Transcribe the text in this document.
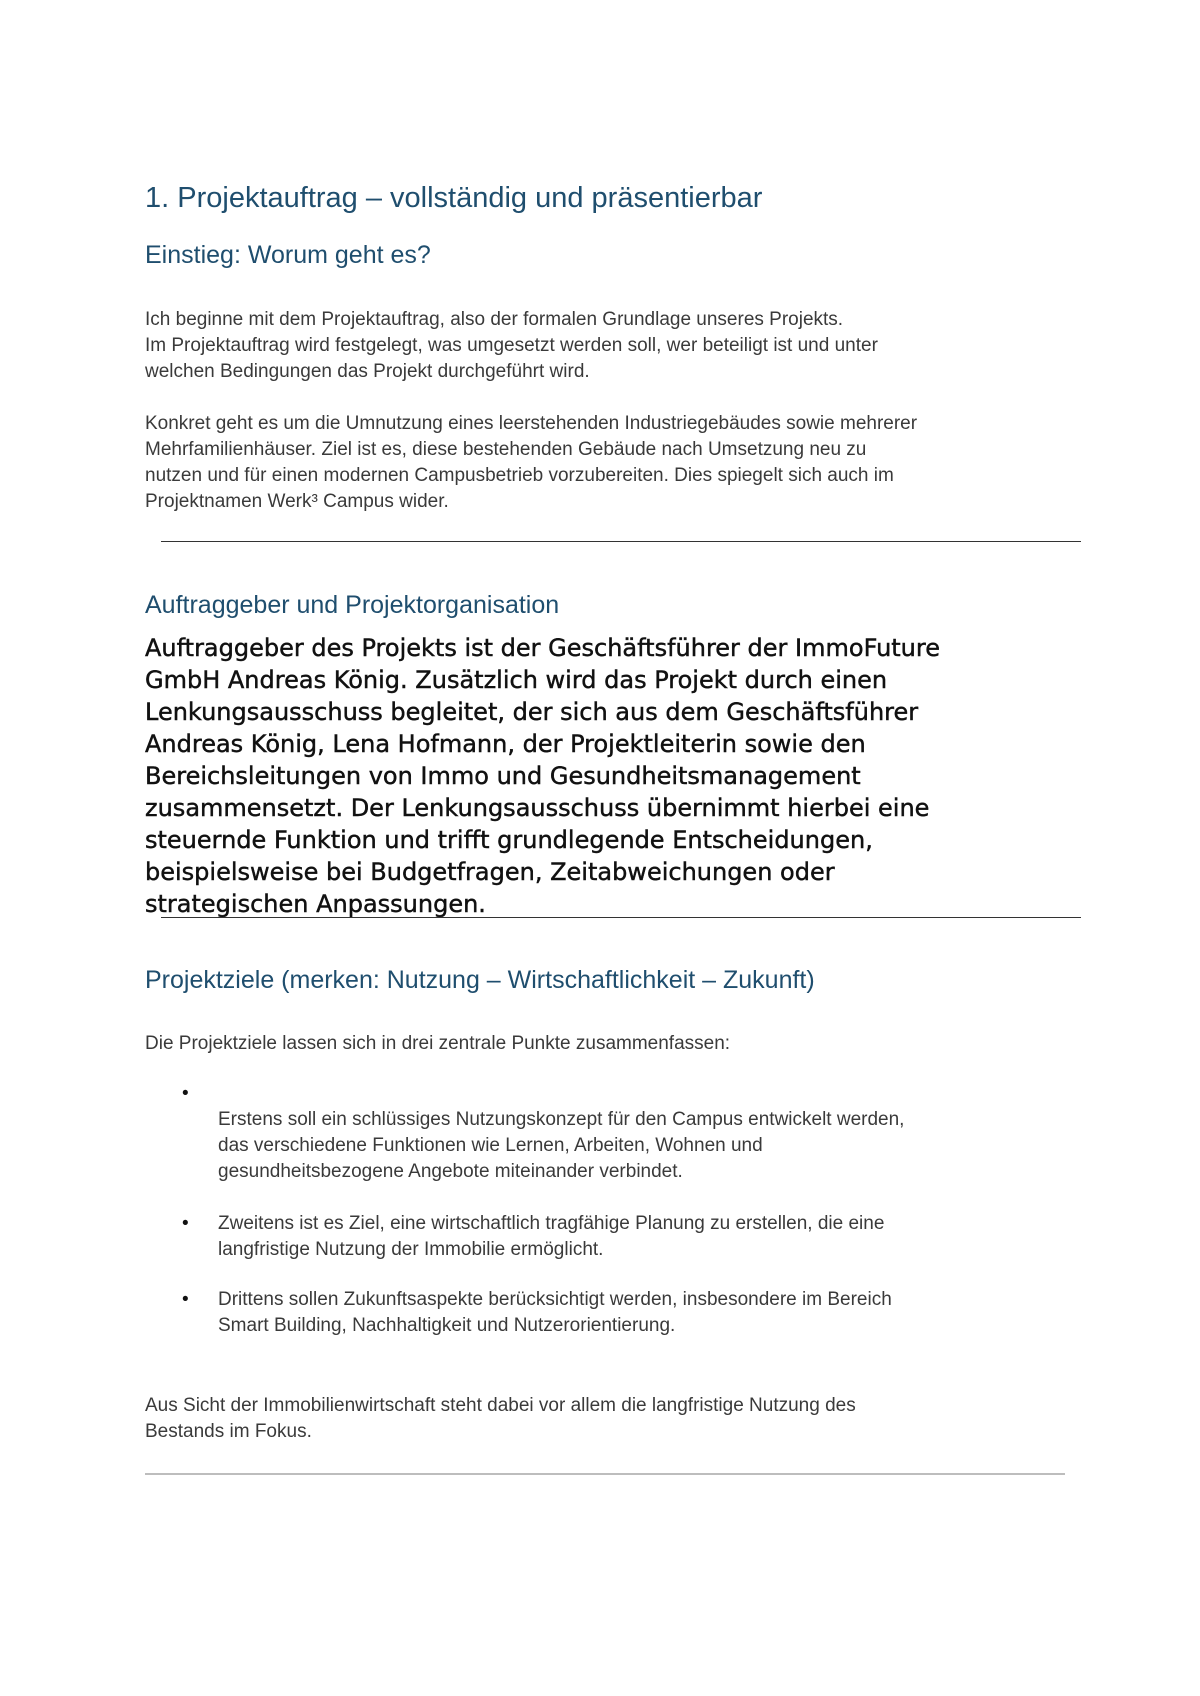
1. Projektauftrag – vollständig und präsentierbar
Einstieg: Worum geht es?

Ich beginne mit dem Projektauftrag, also der formalen Grundlage unseres Projekts.

Im Projektauftrag wird festgelegt, was umgesetzt werden soll, wer beteiligt ist und unter

welchen Bedingungen das Projekt durchgeführt wird.

Konkret geht es um die Umnutzung eines leerstehenden Industriegebäudes sowie mehrerer

Mehrfamilienhäuser. Ziel ist es, diese bestehenden Gebäude nach Umsetzung neu zu

nutzen und für einen modernen Campusbetrieb vorzubereiten. Dies spiegelt sich auch im

Projektnamen Werk³ Campus wider.

Auftraggeber und Projektorganisation
Auftraggeber des Projekts ist der Geschäftsführer der ImmoFuture
GmbH Andreas König. Zusätzlich wird das Projekt durch einen
Lenkungsausschuss begleitet, der sich aus dem Geschäftsführer
Andreas König, Lena Hofmann, der Projektleiterin sowie den
Bereichsleitungen von Immo und Gesundheitsmanagement
zusammensetzt. Der Lenkungsausschuss übernimmt hierbei eine
steuernde Funktion und trifft grundlegende Entscheidungen,
beispielsweise bei Budgetfragen, Zeitabweichungen oder
strategischen Anpassungen.
Projektziele (merken: Nutzung – Wirtschaftlichkeit – Zukunft)

Die Projektziele lassen sich in drei zentrale Punkte zusammenfassen:

•
Erstens soll ein schlüssiges Nutzungskonzept für den Campus entwickelt werden,
das verschiedene Funktionen wie Lernen, Arbeiten, Wohnen und
gesundheitsbezogene Angebote miteinander verbindet.
• Zweitens ist es Ziel, eine wirtschaftlich tragfähige Planung zu erstellen, die eine
langfristige Nutzung der Immobilie ermöglicht.
• Drittens sollen Zukunftsaspekte berücksichtigt werden, insbesondere im Bereich
Smart Building, Nachhaltigkeit und Nutzerorientierung.

Aus Sicht der Immobilienwirtschaft steht dabei vor allem die langfristige Nutzung des

Bestands im Fokus.
